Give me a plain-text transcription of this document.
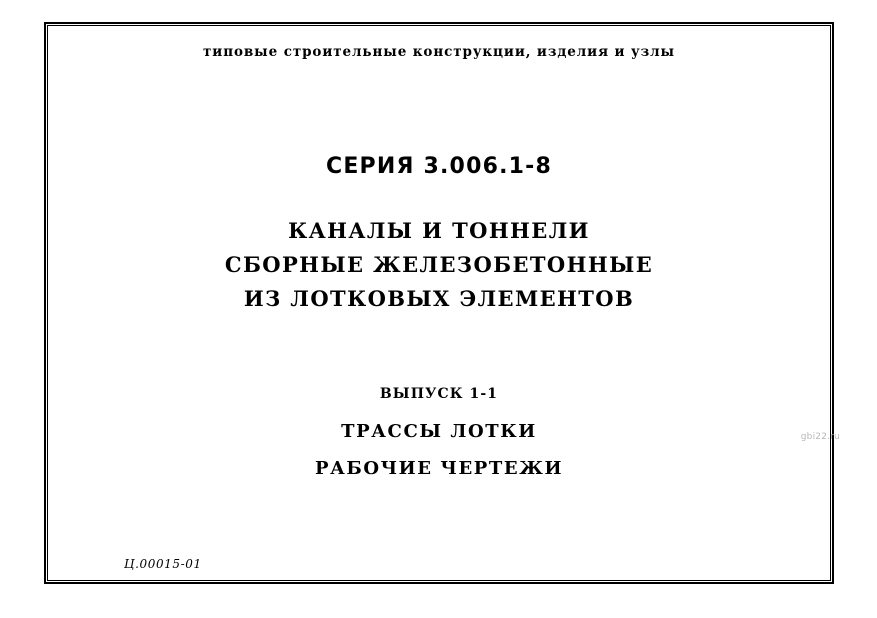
типовые строительные конструкции, изделия и узлы
СЕРИЯ 3.006.1-8
КАНАЛЫ И ТОННЕЛИ
СБОРНЫЕ ЖЕЛЕЗОБЕТОННЫЕ
ИЗ ЛОТКОВЫХ ЭЛЕМЕНТОВ
ВЫПУСК 1-1
ТРАССЫ ЛОТКИ
РАБОЧИЕ ЧЕРТЕЖИ
Ц.00015-01
gbi22.ru
